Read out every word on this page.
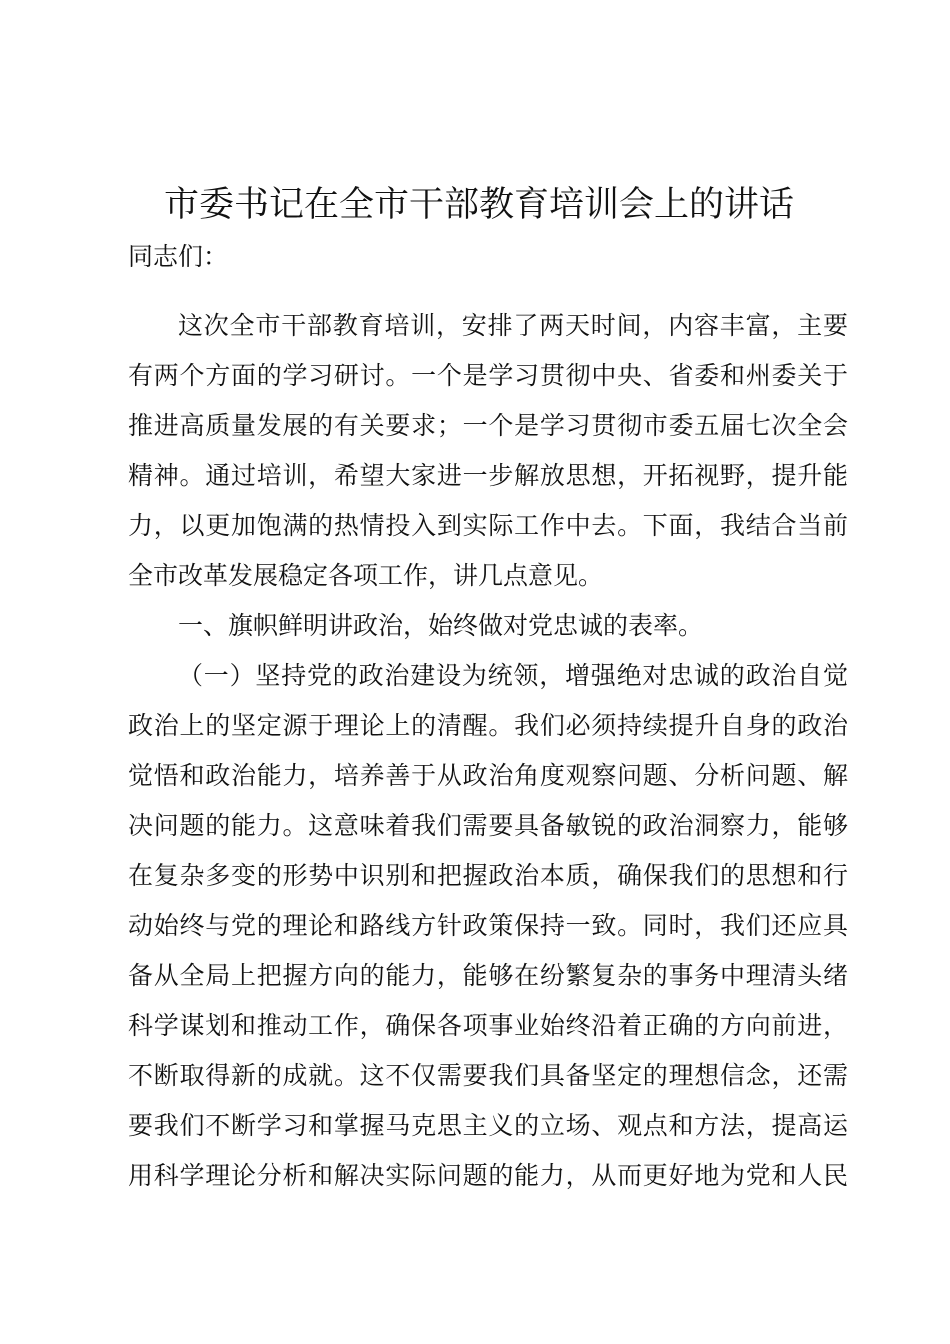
市委书记在全市干部教育培训会上的讲话
同志们：
这次全市干部教育培训，安排了两天时间，内容丰富，主要
有两个方面的学习研讨。一个是学习贯彻中央、省委和州委关于
推进高质量发展的有关要求；一个是学习贯彻市委五届七次全会
精神。通过培训，希望大家进一步解放思想，开拓视野，提升能
力，以更加饱满的热情投入到实际工作中去。下面，我结合当前
全市改革发展稳定各项工作，讲几点意见。
一、旗帜鲜明讲政治，始终做对党忠诚的表率。
（一）坚持党的政治建设为统领，增强绝对忠诚的政治自觉
政治上的坚定源于理论上的清醒。我们必须持续提升自身的政治
觉悟和政治能力，培养善于从政治角度观察问题、分析问题、解
决问题的能力。这意味着我们需要具备敏锐的政治洞察力，能够
在复杂多变的形势中识别和把握政治本质，确保我们的思想和行
动始终与党的理论和路线方针政策保持一致。同时，我们还应具
备从全局上把握方向的能力，能够在纷繁复杂的事务中理清头绪
科学谋划和推动工作，确保各项事业始终沿着正确的方向前进，
不断取得新的成就。这不仅需要我们具备坚定的理想信念，还需
要我们不断学习和掌握马克思主义的立场、观点和方法，提高运
用科学理论分析和解决实际问题的能力，从而更好地为党和人民
